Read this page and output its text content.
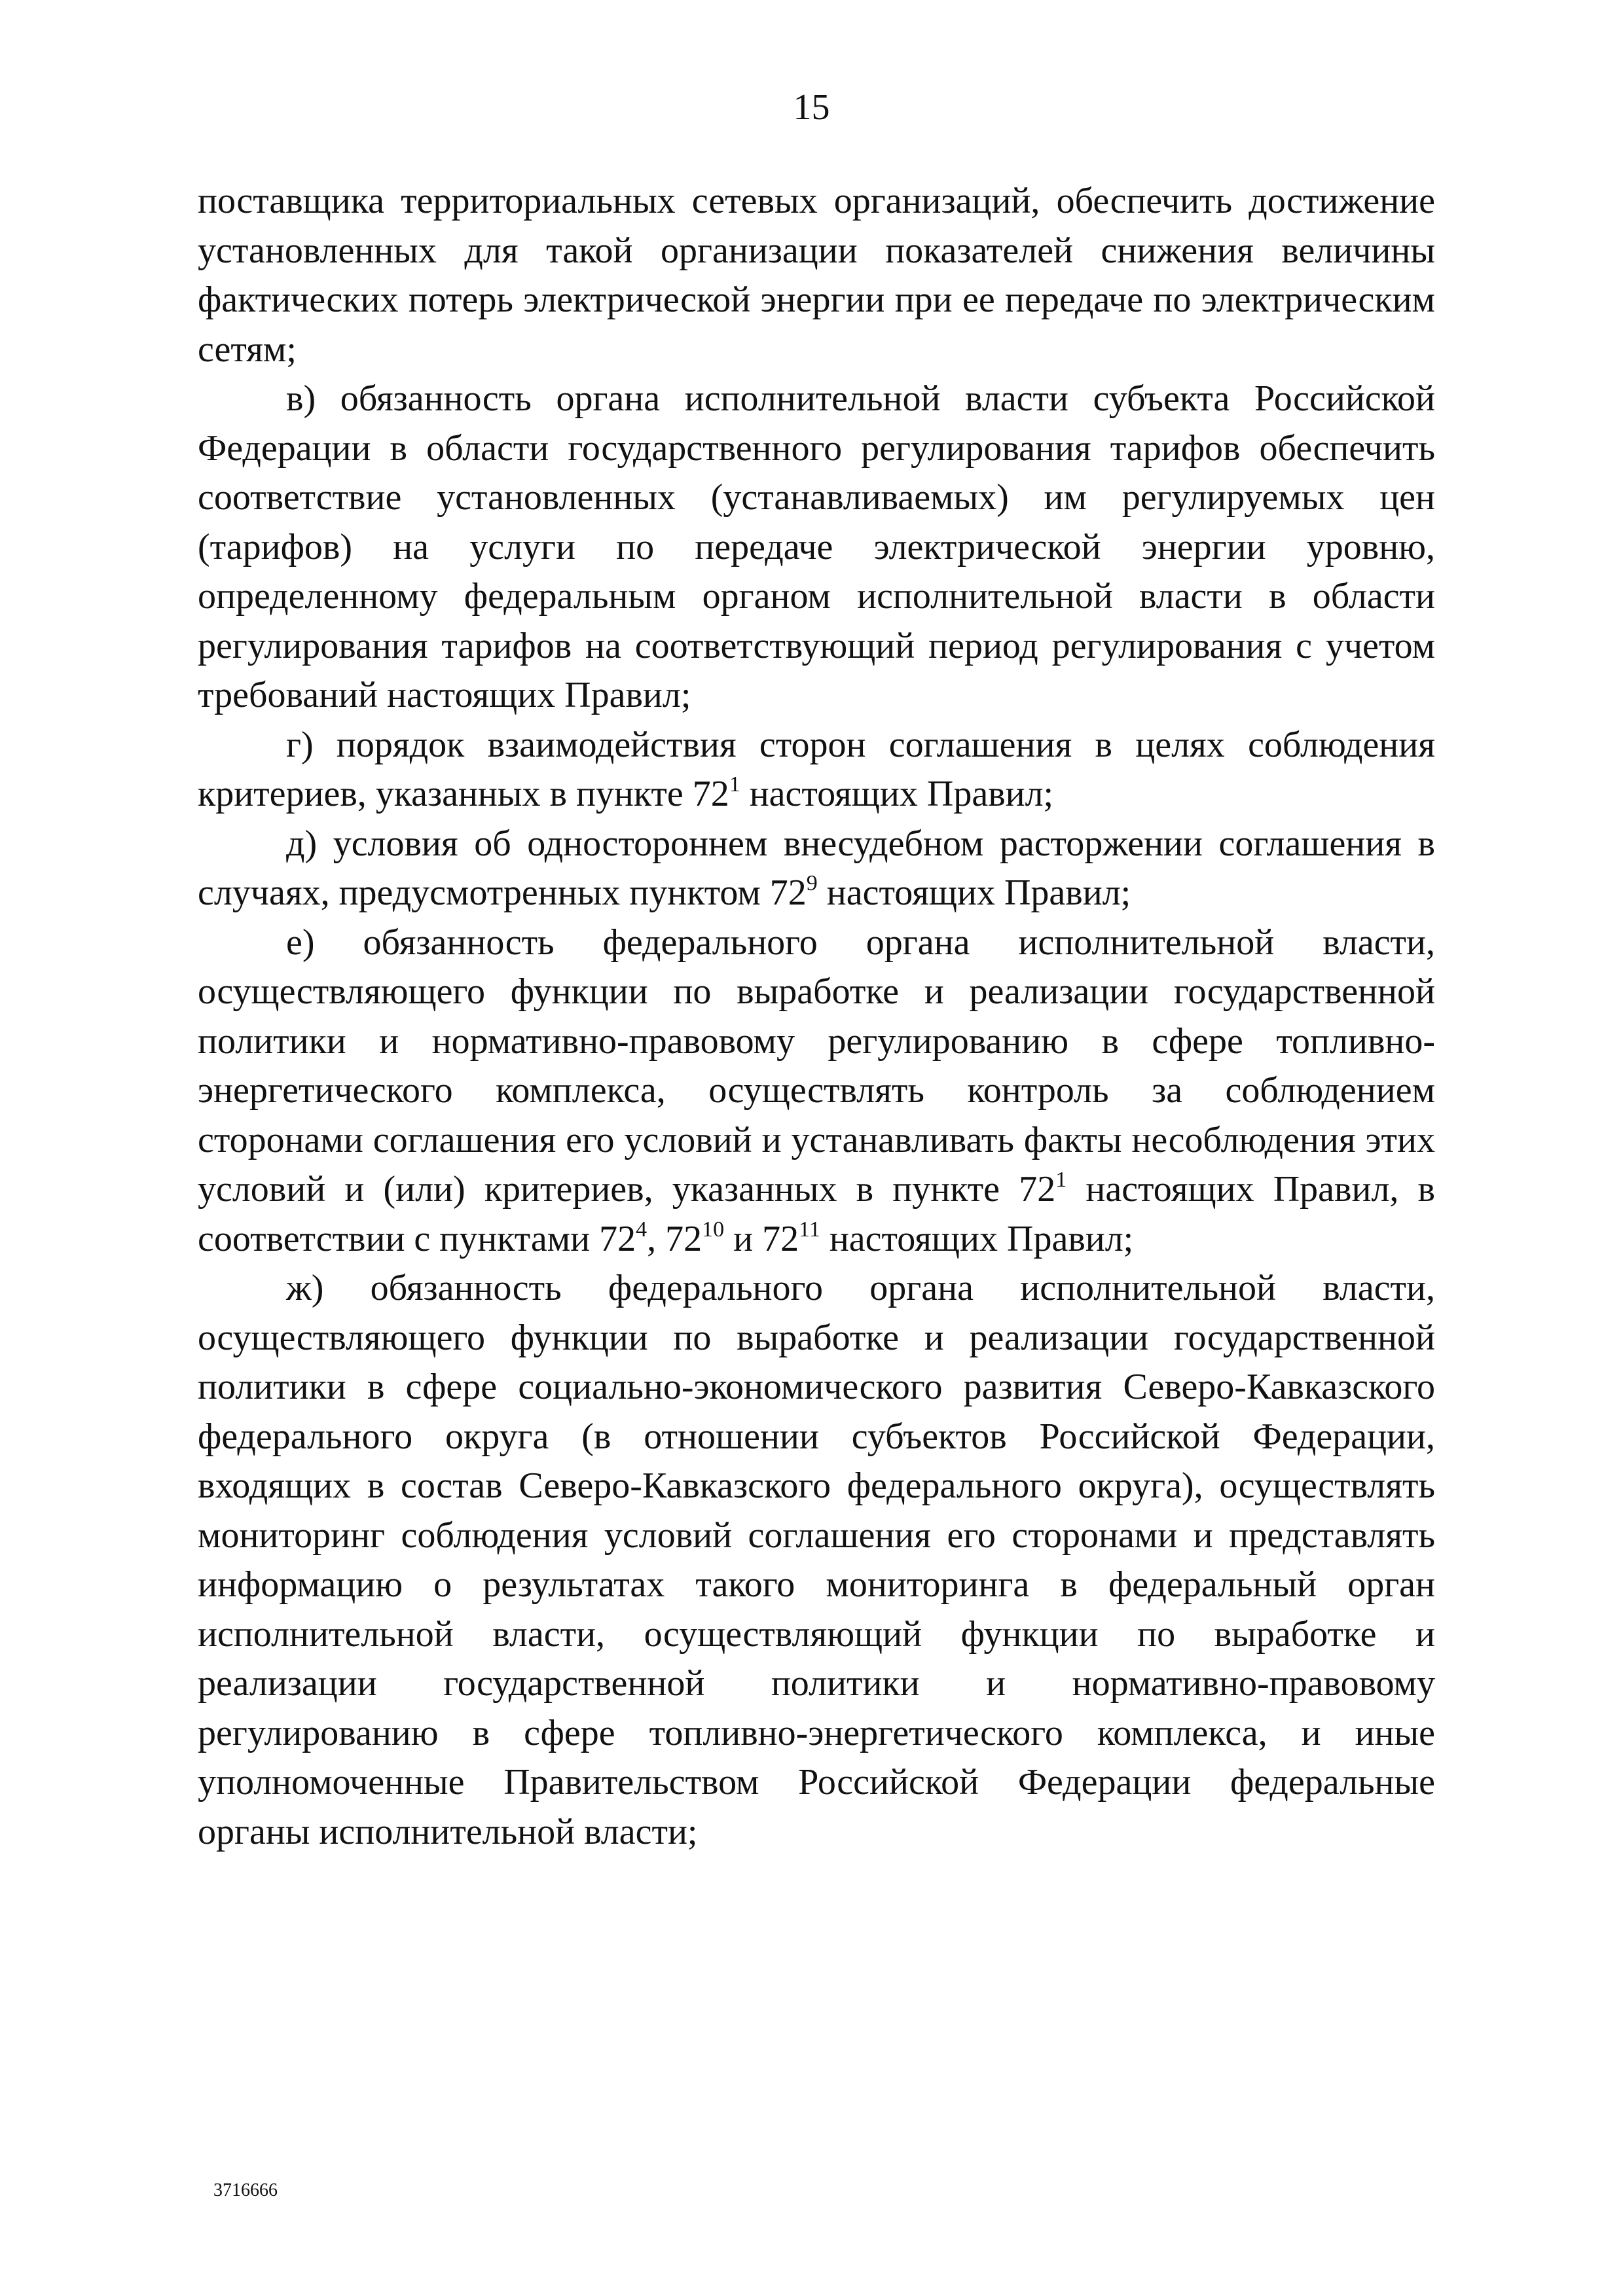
15

поставщика территориальных сетевых организаций, обеспечить достижение установленных для такой организации показателей снижения величины фактических потерь электрической энергии при ее передаче по электрическим сетям;

в) обязанность органа исполнительной власти субъекта Российской Федерации в области государственного регулирования тарифов обеспечить соответствие установленных (устанавливаемых) им регулируемых цен (тарифов) на услуги по передаче электрической энергии уровню, определенному федеральным органом исполнительной власти в области регулирования тарифов на соответствующий период регулирования с учетом требований настоящих Правил;

г) порядок взаимодействия сторон соглашения в целях соблюдения критериев, указанных в пункте $72^1$ настоящих Правил;

д) условия об одностороннем внесудебном расторжении соглашения в случаях, предусмотренных пунктом $72^9$ настоящих Правил;

е) обязанность федерального органа исполнительной власти, осуществляющего функции по выработке и реализации государственной политики и нормативно-правовому регулированию в сфере топливно-энергетического комплекса, осуществлять контроль за соблюдением сторонами соглашения его условий и устанавливать факты несоблюдения этих условий и (или) критериев, указанных в пункте $72^1$ настоящих Правил, в соответствии с пунктами $72^4$, $72^{10}$ и $72^{11}$ настоящих Правил;

ж) обязанность федерального органа исполнительной власти, осуществляющего функции по выработке и реализации государственной политики в сфере социально-экономического развития Северо-Кавказского федерального округа (в отношении субъектов Российской Федерации, входящих в состав Северо-Кавказского федерального округа), осуществлять мониторинг соблюдения условий соглашения его сторонами и представлять информацию о результатах такого мониторинга в федеральный орган исполнительной власти, осуществляющий функции по выработке и реализации государственной политики и нормативно-правовому регулированию в сфере топливно-энергетического комплекса, и иные уполномоченные Правительством Российской Федерации федеральные органы исполнительной власти;

3716666
